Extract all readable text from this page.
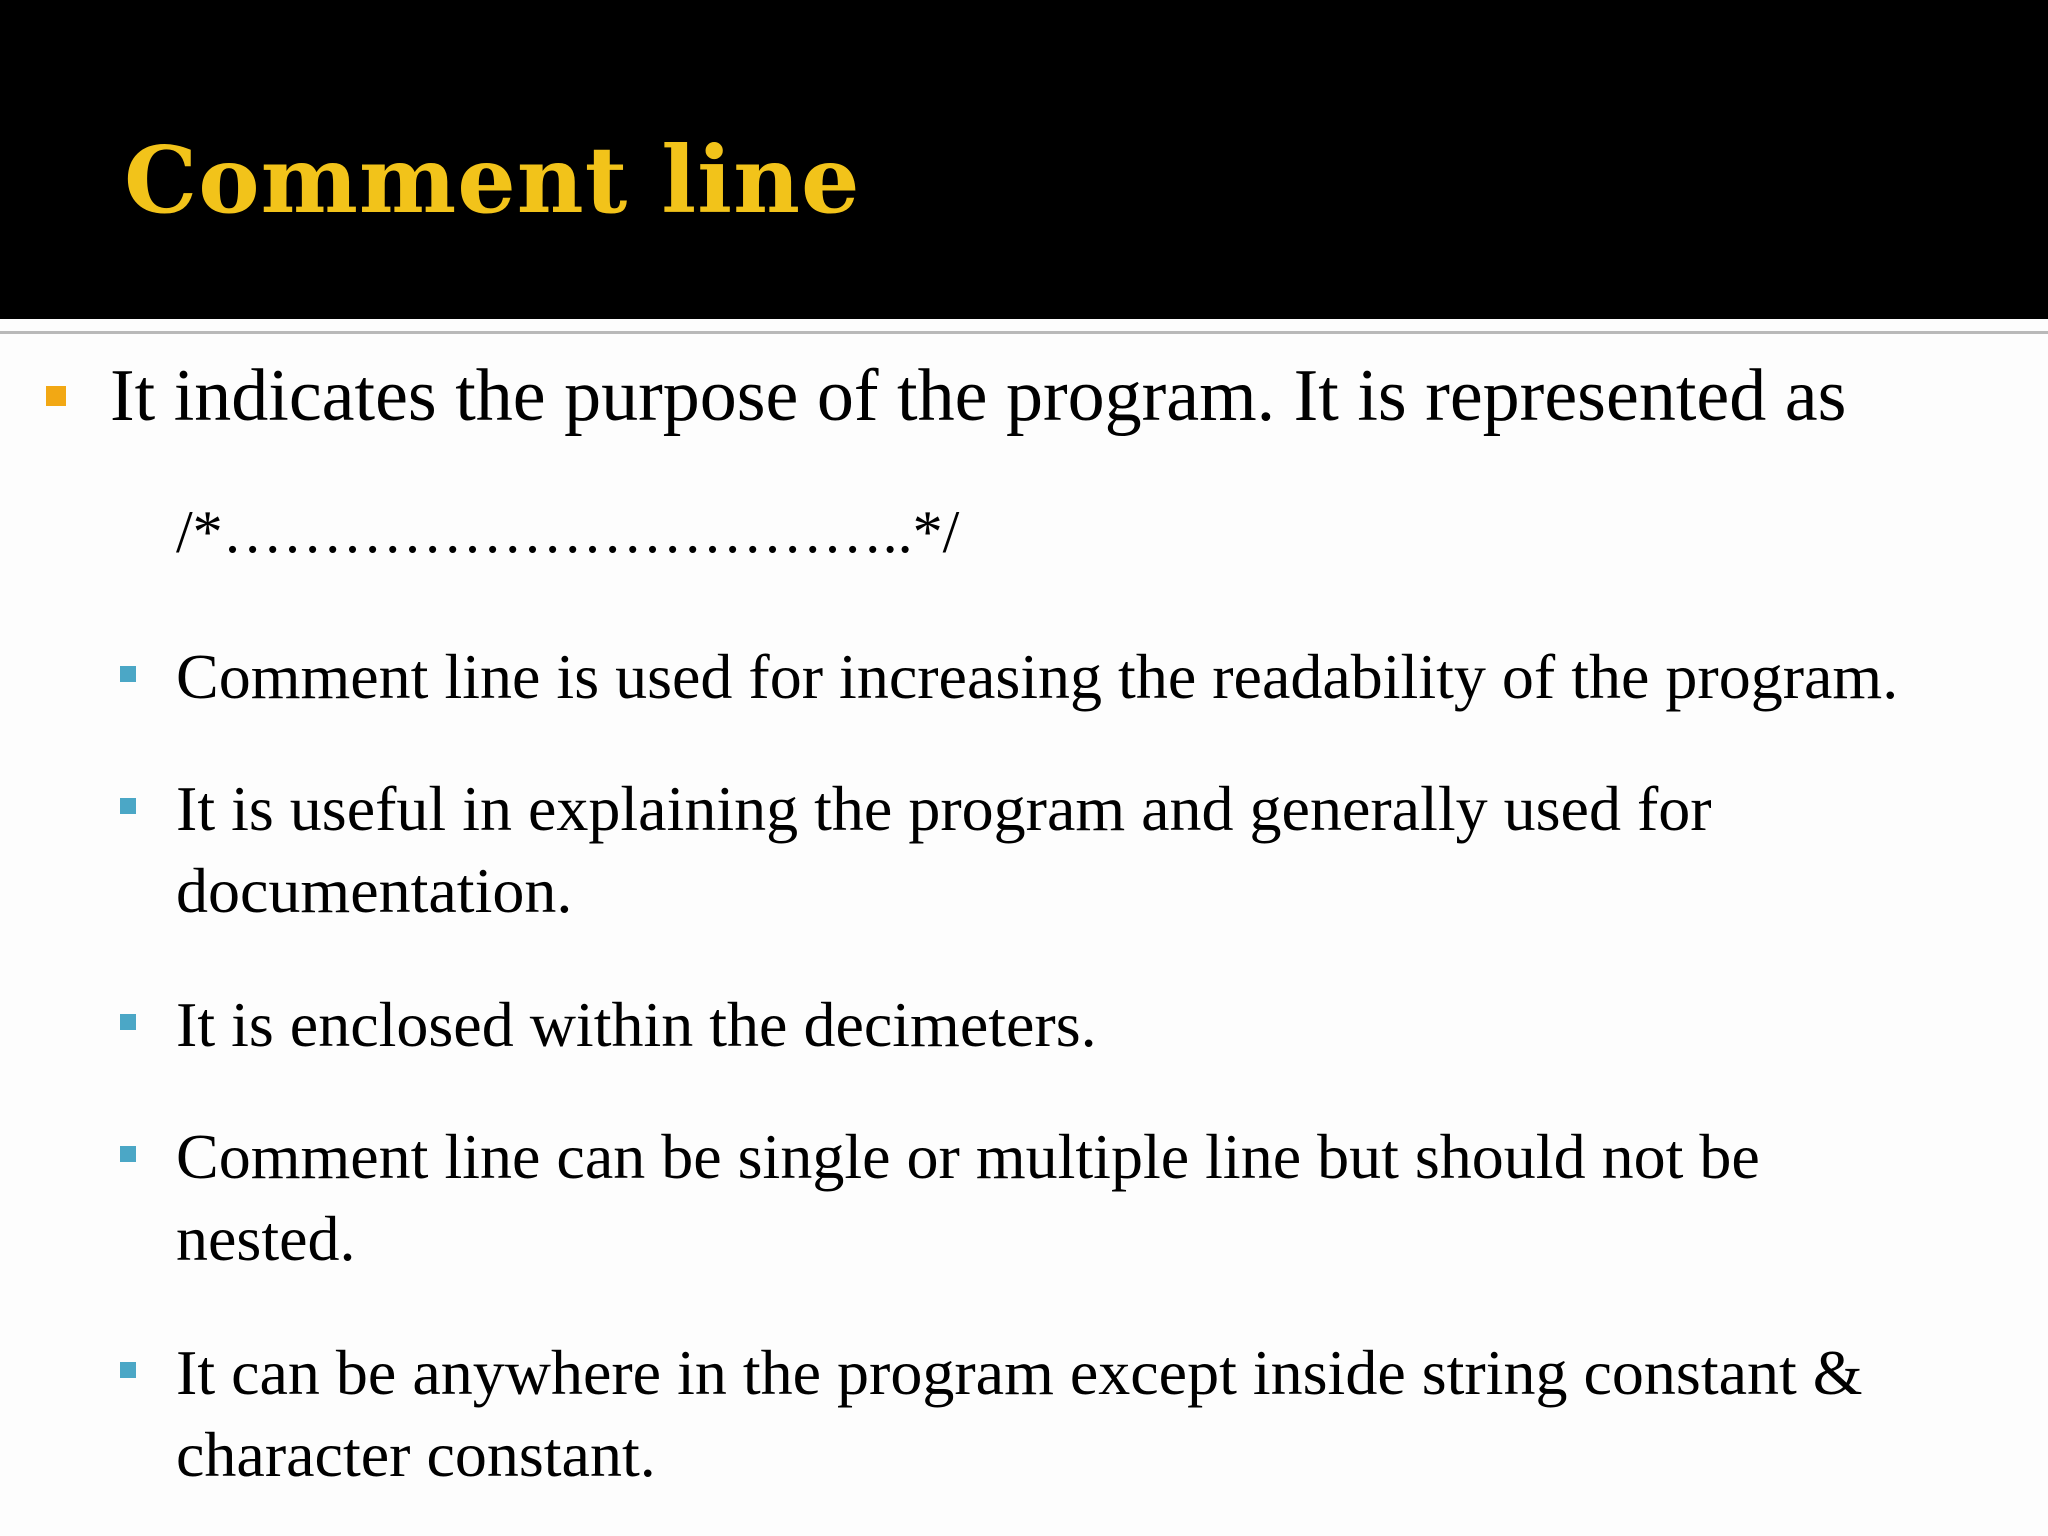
Comment line
It indicates the purpose of the program. It is represented as
/*……………………………..*/
Comment line is used for increasing the readability of the program.
It is useful in explaining the program and generally used for documentation.
It is enclosed within the decimeters.
Comment line can be single or multiple line but should not be nested.
It can be anywhere in the program except inside string constant & character constant.
